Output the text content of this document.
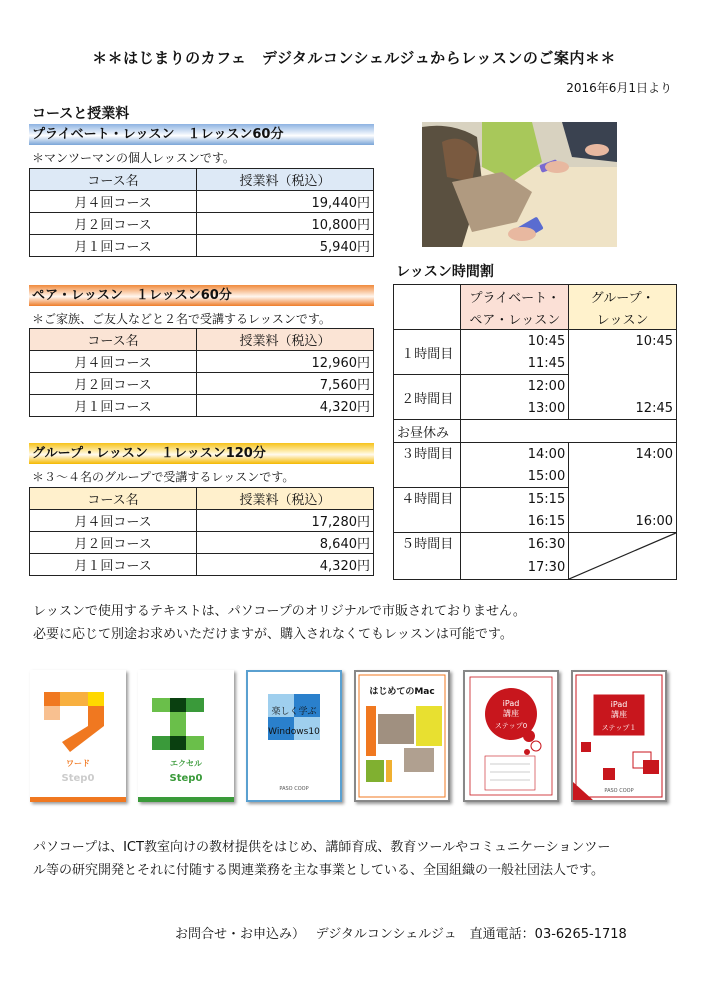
＊＊はじまりのカフェ　デジタルコンシェルジュからレッスンのご案内＊＊
2016年6月1日より
コースと授業料
プライベート・レッスン　１レッスン60分
＊マンツーマンの個人レッスンです。
コース名	授業料（税込）
月４回コース	19,440円
月２回コース	10,800円
月１回コース	5,940円
ペア・レッスン　１レッスン60分
＊ご家族、ご友人などと２名で受講するレッスンです。
コース名	授業料（税込）
月４回コース	12,960円
月２回コース	7,560円
月１回コース	4,320円
グループ・レッスン　１レッスン120分
＊３～４名のグループで受講するレッスンです。
コース名	授業料（税込）
月４回コース	17,280円
月２回コース	8,640円
月１回コース	4,320円
レッスン時間割
	プライベート・	グループ・
	ペア・レッスン	レッスン
１時間目	10:45	10:45
	11:45	
２時間目	12:00	
	13:00	12:45
お昼休み		
３時間目	14:00	14:00
	15:00	
４時間目	15:15	
	16:15	16:00
５時間目	16:30	

	17:30	
レッスンで使用するテキストは、パソコープのオリジナルで市販されておりません。
必要に応じて別途お求めいただけますが、購入されなくてもレッスンは可能です。
ワード
Step0
エクセル
Step0
楽しく学ぶ
Windows10
PASO COOP
はじめてのMac
iPad
講座
ステップ0
iPad
講座
ステップ１
PASO COOP
パソコープは、ICT教室向けの教材提供をはじめ、講師育成、教育ツールやコミュニケーションツー
ル等の研究開発とそれに付随する関連業務を主な事業としている、全国組織の一般社団法人です。
お問合せ・お申込み）　 デジタルコンシェルジュ　直通電話：03-6265-1718
